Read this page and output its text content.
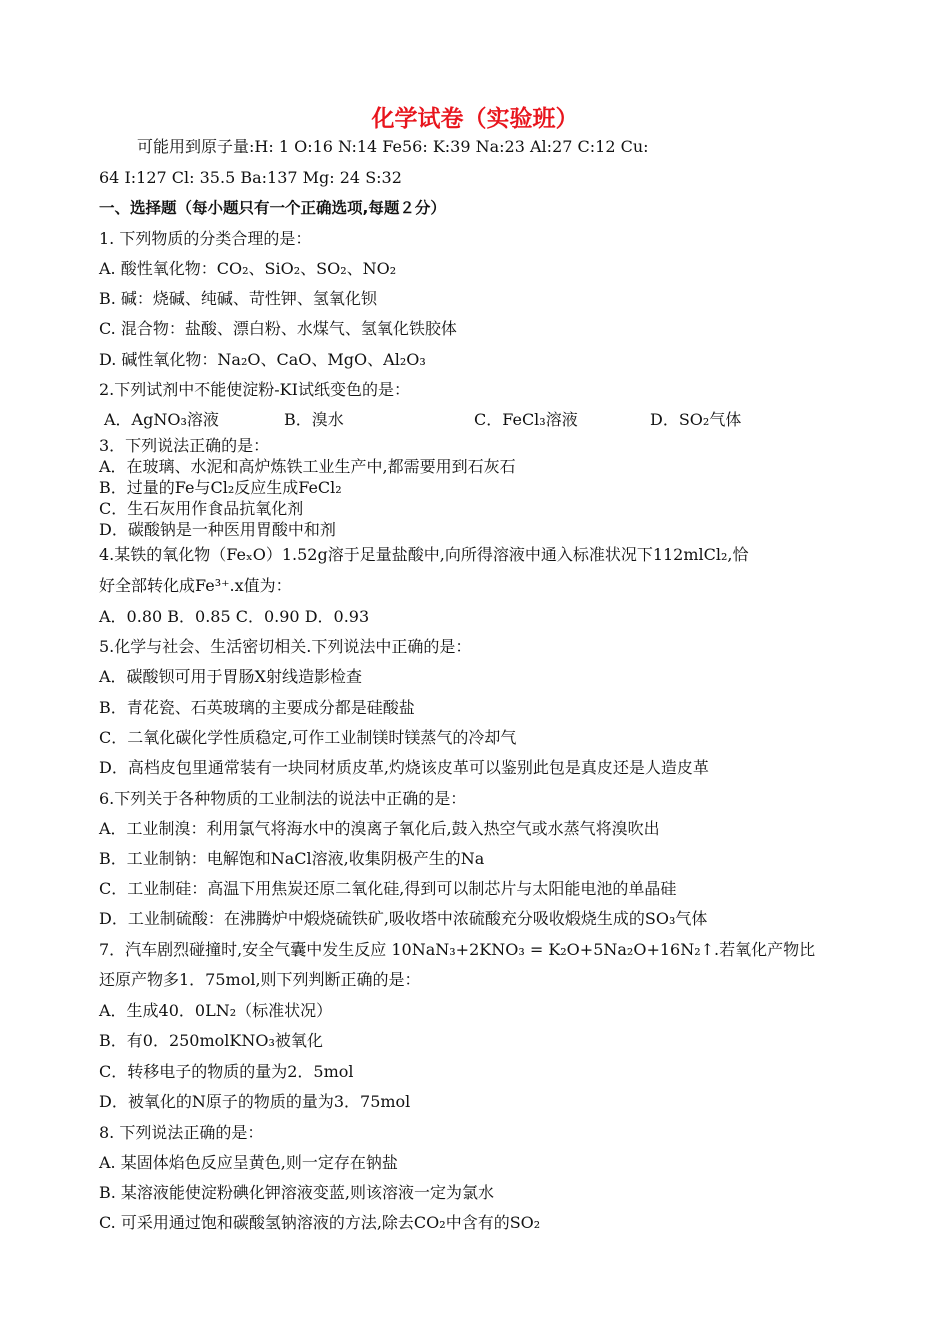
化学试卷（实验班）
可能用到原子量:H: 1 O:16 N:14 Fe56: K:39 Na:23 Al:27 C:12 Cu:
64 I:127 Cl: 35.5 Ba:137 Mg: 24 S:32
一、选择题（每小题只有一个正确选项,每题２分）
1. 下列物质的分类合理的是：
A. 酸性氧化物：CO₂、SiO₂、SO₂、NO₂
B. 碱：烧碱、纯碱、苛性钾、氢氧化钡
C. 混合物：盐酸、漂白粉、水煤气、氢氧化铁胶体
D. 碱性氧化物：Na₂O、CaO、MgO、Al₂O₃
2.下列试剂中不能使淀粉-KI试纸变色的是：
A．AgNO₃溶液	B．溴水	C．FeCl₃溶液	D．SO₂气体
3．下列说法正确的是：
A．在玻璃、水泥和高炉炼铁工业生产中,都需要用到石灰石
B．过量的Fe与Cl₂反应生成FeCl₂
C．生石灰用作食品抗氧化剂
D．碳酸钠是一种医用胃酸中和剂
4.某铁的氧化物（FeₓO）1.52g溶于足量盐酸中,向所得溶液中通入标准状况下112mlCl₂,恰
好全部转化成Fe³⁺.x值为：
A．0.80 B．0.85 C．0.90 D．0.93
5.化学与社会、生活密切相关.下列说法中正确的是：
A．碳酸钡可用于胃肠X射线造影检查
B．青花瓷、石英玻璃的主要成分都是硅酸盐
C．二氧化碳化学性质稳定,可作工业制镁时镁蒸气的冷却气
D．高档皮包里通常装有一块同材质皮革,灼烧该皮革可以鉴别此包是真皮还是人造皮革
6.下列关于各种物质的工业制法的说法中正确的是：
A．工业制溴：利用氯气将海水中的溴离子氧化后,鼓入热空气或水蒸气将溴吹出
B．工业制钠：电解饱和NaCl溶液,收集阴极产生的Na
C．工业制硅：高温下用焦炭还原二氧化硅,得到可以制芯片与太阳能电池的单晶硅
D．工业制硫酸：在沸腾炉中煅烧硫铁矿,吸收塔中浓硫酸充分吸收煅烧生成的SO₃气体
7．汽车剧烈碰撞时,安全气囊中发生反应 10NaN₃+2KNO₃ = K₂O+5Na₂O+16N₂↑.若氧化产物比
还原产物多1．75mol,则下列判断正确的是：
A．生成40．0LN₂（标准状况）
B．有0．250molKNO₃被氧化
C．转移电子的物质的量为2．5mol
D．被氧化的N原子的物质的量为3．75mol
8. 下列说法正确的是：
A. 某固体焰色反应呈黄色,则一定存在钠盐
B. 某溶液能使淀粉碘化钾溶液变蓝,则该溶液一定为氯水
C. 可采用通过饱和碳酸氢钠溶液的方法,除去CO₂中含有的SO₂
